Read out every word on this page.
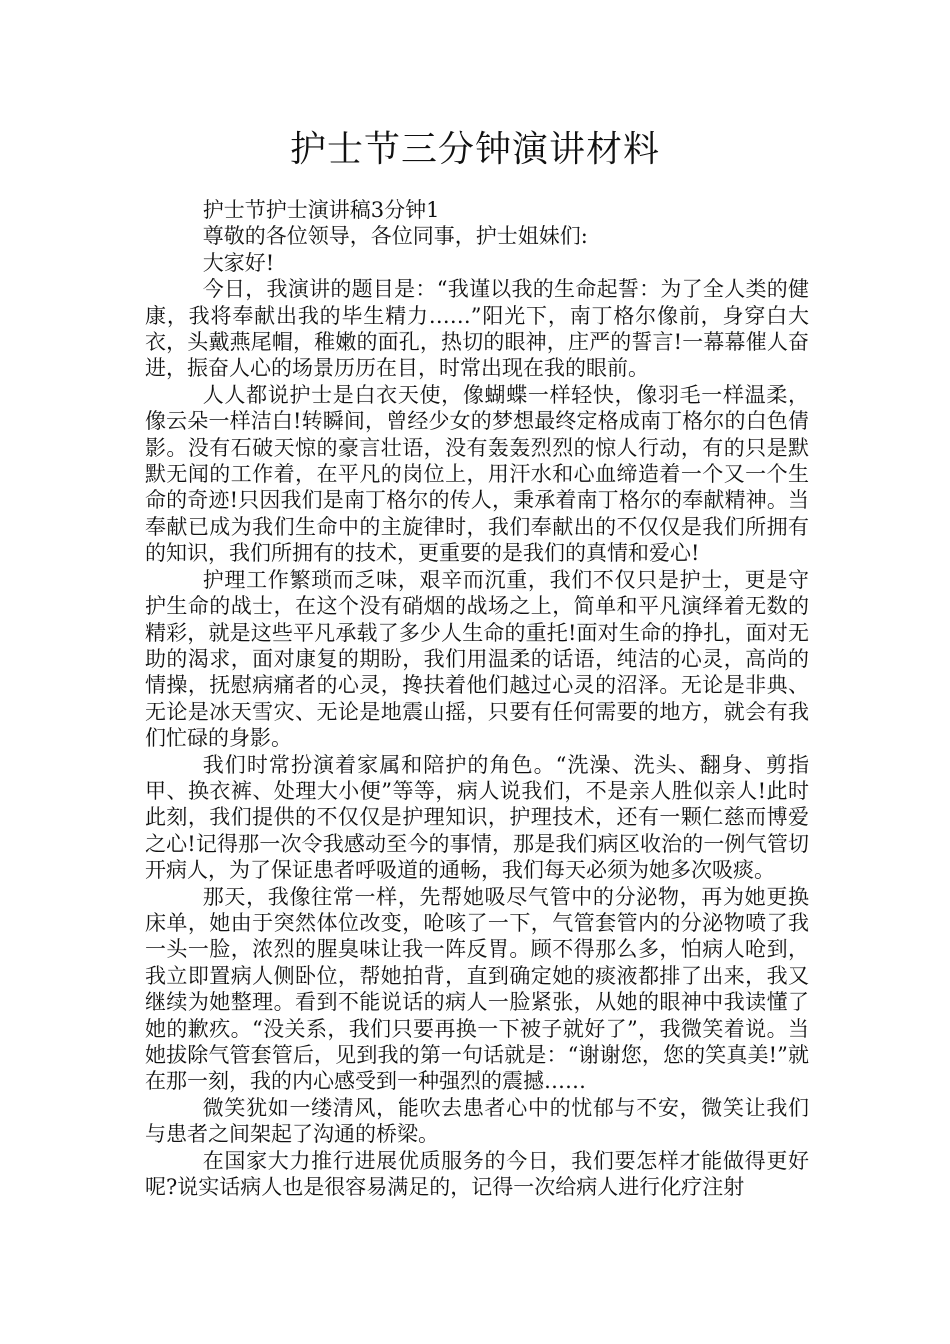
护士节三分钟演讲材料

护士节护士演讲稿3分钟1

尊敬的各位领导，各位同事，护士姐妹们:

大家好!

今日，我演讲的题目是：“我谨以我的生命起誓：为了全人类的健康，我将奉献出我的毕生精力……”阳光下，南丁格尔像前，身穿白大衣，头戴燕尾帽，稚嫩的面孔，热切的眼神，庄严的誓言!一幕幕催人奋进，振奋人心的场景历历在目，时常出现在我的眼前。

人人都说护士是白衣天使，像蝴蝶一样轻快，像羽毛一样温柔，像云朵一样洁白!转瞬间，曾经少女的梦想最终定格成南丁格尔的白色倩影。没有石破天惊的豪言壮语，没有轰轰烈烈的惊人行动，有的只是默默无闻的工作着，在平凡的岗位上，用汗水和心血缔造着一个又一个生命的奇迹!只因我们是南丁格尔的传人，秉承着南丁格尔的奉献精神。当奉献已成为我们生命中的主旋律时，我们奉献出的不仅仅是我们所拥有的知识，我们所拥有的技术，更重要的是我们的真情和爱心!

护理工作繁琐而乏味，艰辛而沉重，我们不仅只是护士，更是守护生命的战士，在这个没有硝烟的战场之上，简单和平凡演绎着无数的精彩，就是这些平凡承载了多少人生命的重托!面对生命的挣扎，面对无助的渴求，面对康复的期盼，我们用温柔的话语，纯洁的心灵，高尚的情操，抚慰病痛者的心灵，搀扶着他们越过心灵的沼泽。无论是非典、无论是冰天雪灾、无论是地震山摇，只要有任何需要的地方，就会有我们忙碌的身影。

我们时常扮演着家属和陪护的角色。“洗澡、洗头、翻身、剪指甲、换衣裤、处理大小便”等等，病人说我们，不是亲人胜似亲人!此时此刻，我们提供的不仅仅是护理知识，护理技术，还有一颗仁慈而博爱之心!记得那一次令我感动至今的事情，那是我们病区收治的一例气管切开病人，为了保证患者呼吸道的通畅，我们每天必须为她多次吸痰。

那天，我像往常一样，先帮她吸尽气管中的分泌物，再为她更换床单，她由于突然体位改变，呛咳了一下，气管套管内的分泌物喷了我一头一脸，浓烈的腥臭味让我一阵反胃。顾不得那么多，怕病人呛到，我立即置病人侧卧位，帮她拍背，直到确定她的痰液都排了出来，我又继续为她整理。看到不能说话的病人一脸紧张，从她的眼神中我读懂了她的歉疚。“没关系，我们只要再换一下被子就好了”，我微笑着说。当她拔除气管套管后，见到我的第一句话就是：“谢谢您，您的笑真美!”就在那一刻，我的内心感受到一种强烈的震撼……

微笑犹如一缕清风，能吹去患者心中的忧郁与不安，微笑让我们与患者之间架起了沟通的桥梁。

在国家大力推行进展优质服务的今日，我们要怎样才能做得更好呢?说实话病人也是很容易满足的，记得一次给病人进行化疗注射
